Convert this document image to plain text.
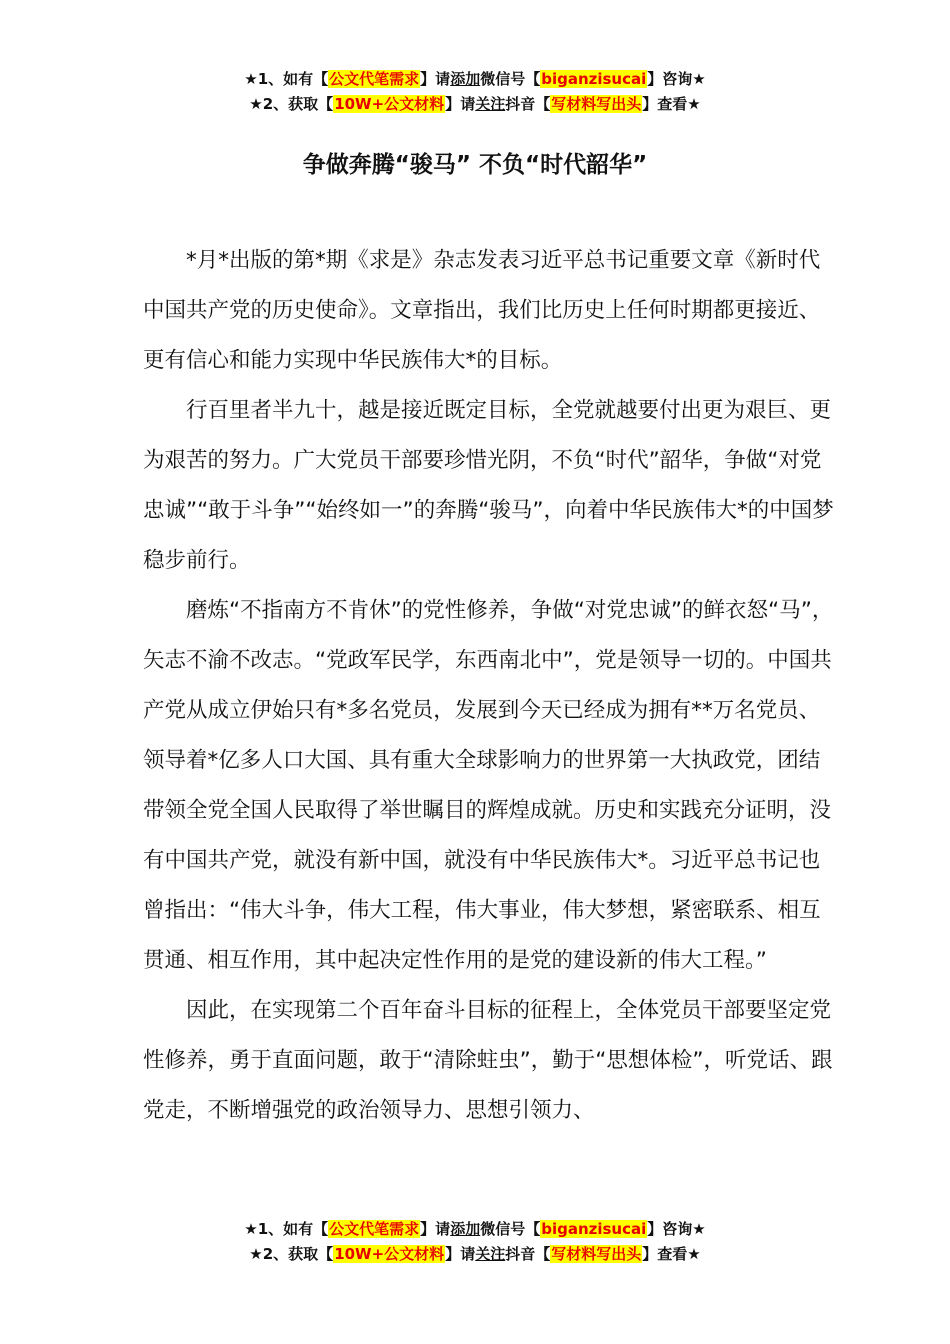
★1、如有【公文代笔需求】请添加微信号【biganzisucai】咨询★
★2、获取【10W+公文材料】请关注抖音【写材料写出头】查看★
争做奔腾“骏马” 不负“时代韶华”

*月*出版的第*期《求是》杂志发表习近平总书记重要文章《新时代中国共产党的历史使命》。文章指出，我们比历史上任何时期都更接近、更有信心和能力实现中华民族伟大*的目标。

行百里者半九十，越是接近既定目标，全党就越要付出更为艰巨、更为艰苦的努力。广大党员干部要珍惜光阴，不负“时代”韶华，争做“对党忠诚”“敢于斗争”“始终如一”的奔腾“骏马”，向着中华民族伟大*的中国梦稳步前行。

磨炼“不指南方不肯休”的党性修养，争做“对党忠诚”的鲜衣怒“马”，矢志不渝不改志。“党政军民学，东西南北中”，党是领导一切的。中国共产党从成立伊始只有*多名党员，发展到今天已经成为拥有**万名党员、领导着*亿多人口大国、具有重大全球影响力的世界第一大执政党，团结带领全党全国人民取得了举世瞩目的辉煌成就。历史和实践充分证明，没有中国共产党，就没有新中国，就没有中华民族伟大*。习近平总书记也曾指出：“伟大斗争，伟大工程，伟大事业，伟大梦想，紧密联系、相互贯通、相互作用，其中起决定性作用的是党的建设新的伟大工程。”

因此，在实现第二个百年奋斗目标的征程上，全体党员干部要坚定党性修养，勇于直面问题，敢于“清除蛀虫”，勤于“思想体检”，听党话、跟党走，不断增强党的政治领导力、思想引领力、

★1、如有【公文代笔需求】请添加微信号【biganzisucai】咨询★
★2、获取【10W+公文材料】请关注抖音【写材料写出头】查看★
